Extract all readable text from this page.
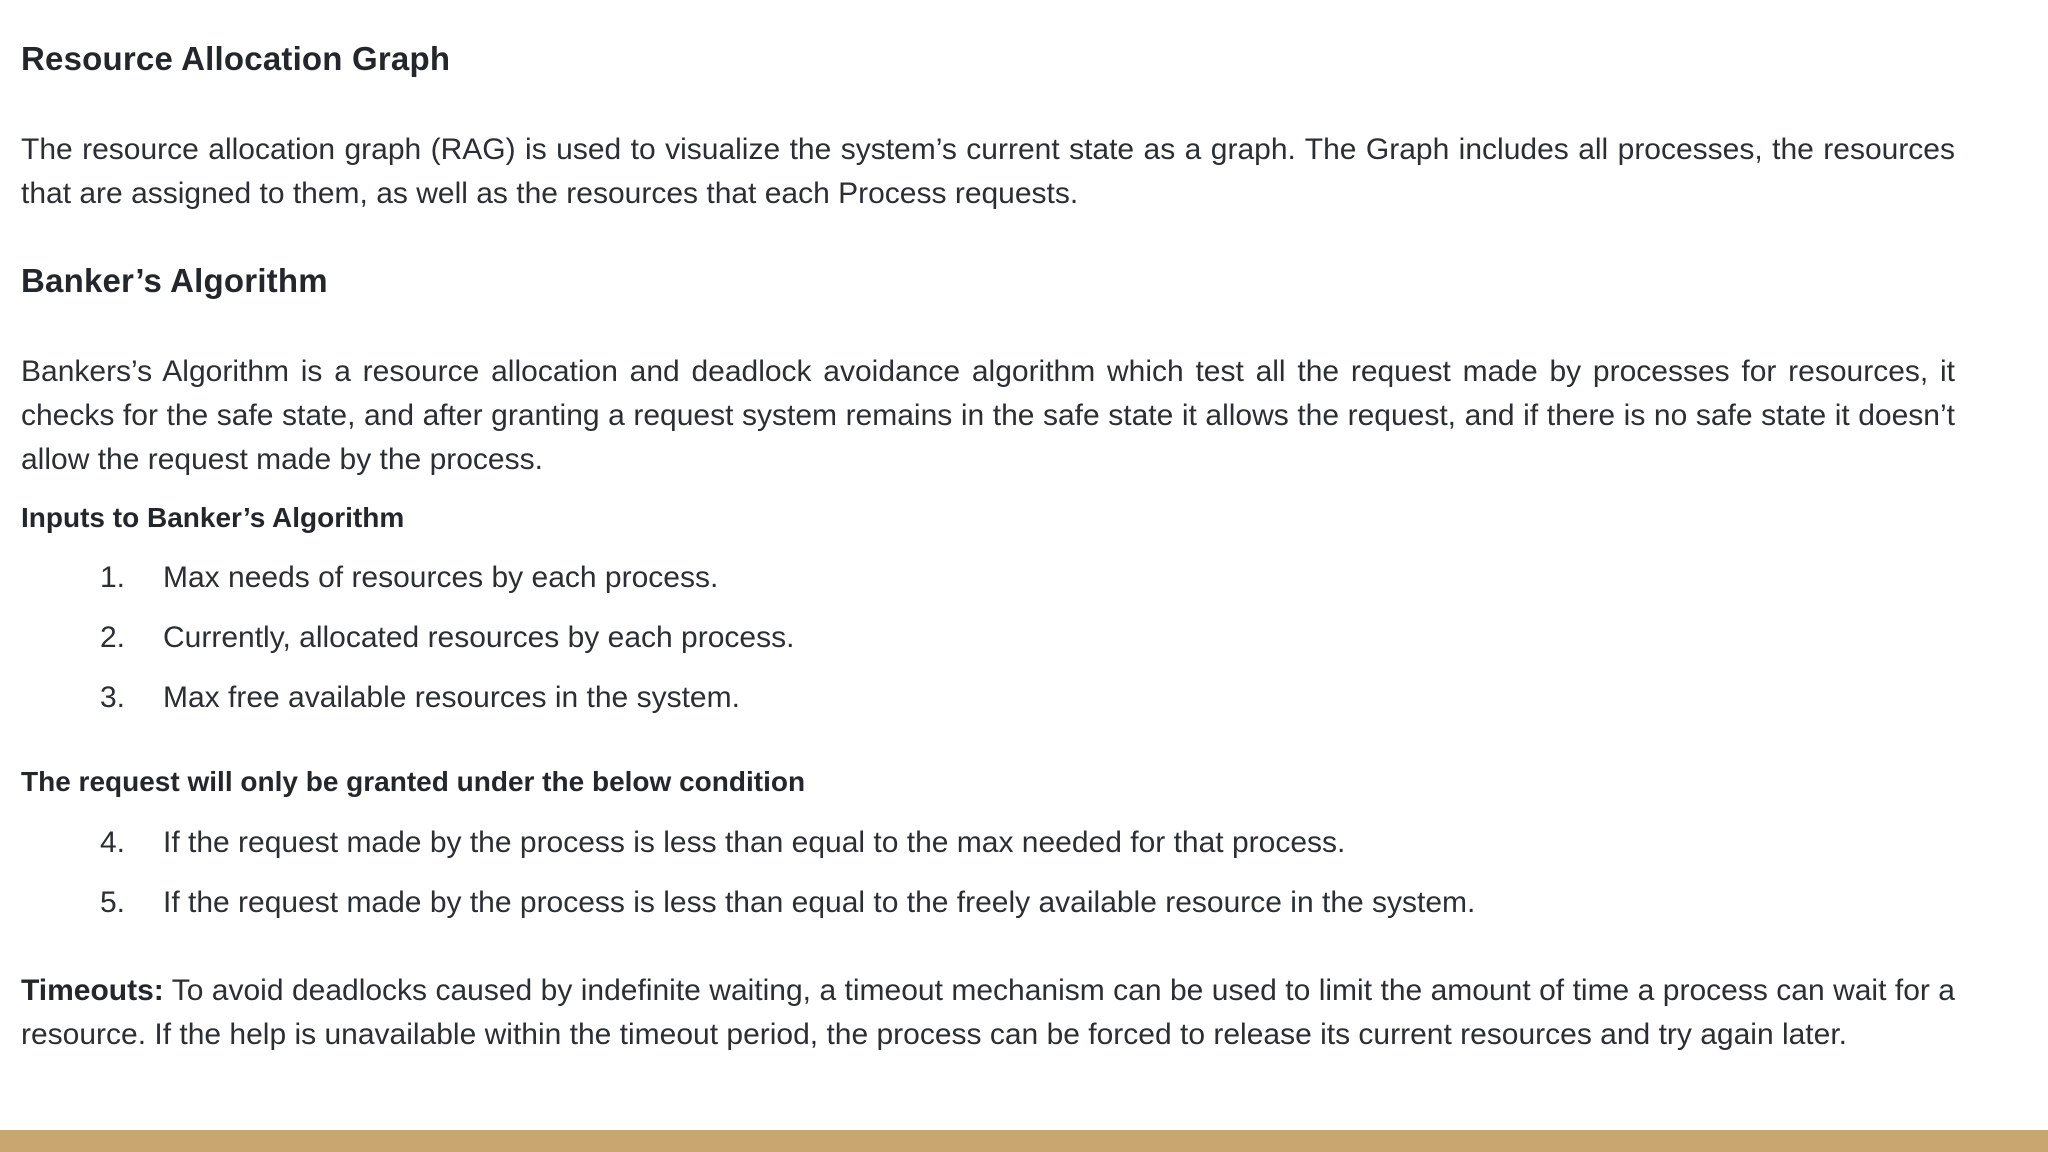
Resource Allocation Graph

The resource allocation graph (RAG) is used to visualize the system’s current state as a graph. The Graph includes all processes, the resources that are assigned to them, as well as the resources that each Process requests.

Banker’s Algorithm

Bankers’s Algorithm is a resource allocation and deadlock avoidance algorithm which test all the request made by processes for resources, it checks for the safe state, and after granting a request system remains in the safe state it allows the request, and if there is no safe state it doesn’t allow the request made by the process.

Inputs to Banker’s Algorithm
1.	Max needs of resources by each process.
2.	Currently, allocated resources by each process.
3.	Max free available resources in the system.
The request will only be granted under the below condition
4.	If the request made by the process is less than equal to the max needed for that process.
5.	If the request made by the process is less than equal to the freely available resource in the system.

Timeouts: To avoid deadlocks caused by indefinite waiting, a timeout mechanism can be used to limit the amount of time a process can wait for a resource. If the help is unavailable within the timeout period, the process can be forced to release its current resources and try again later.
